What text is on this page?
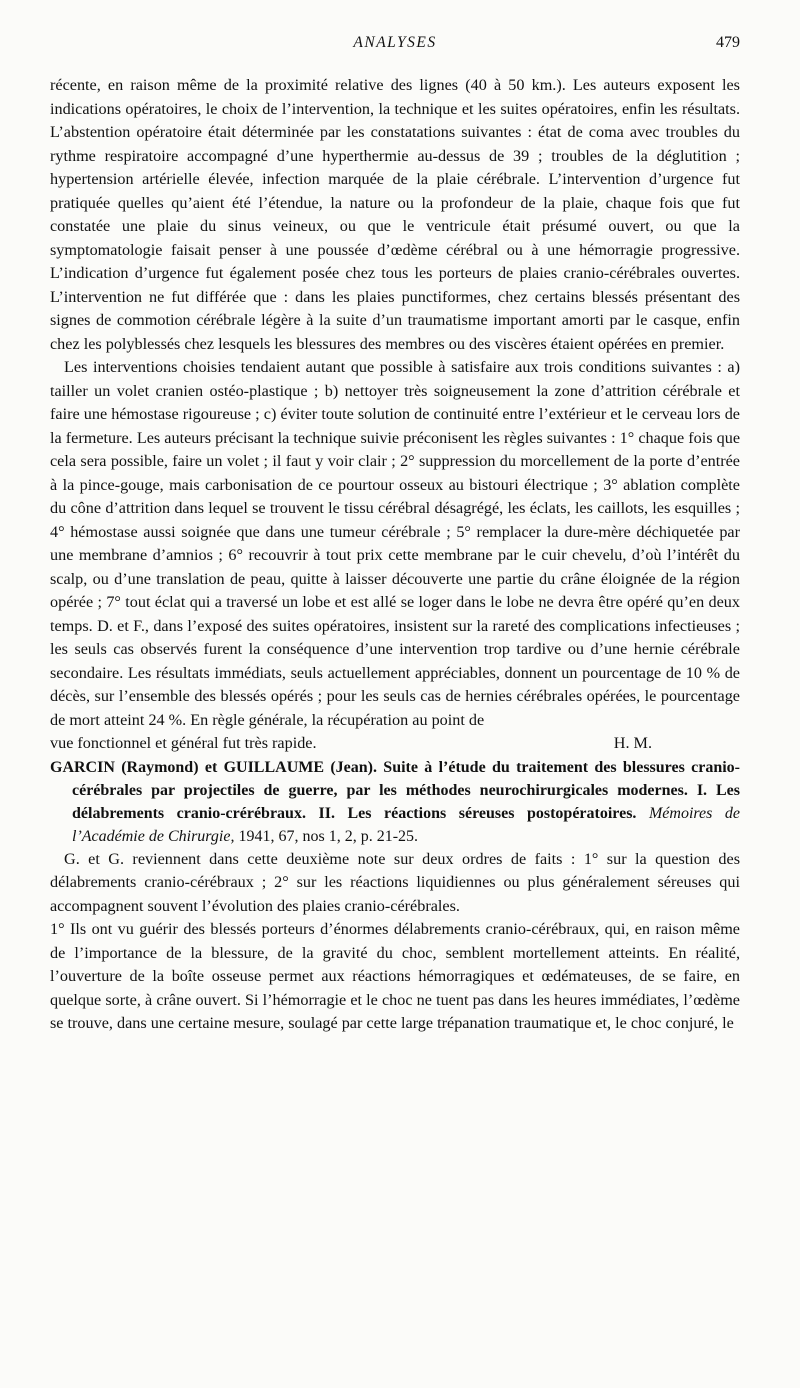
ANALYSES	479

récente, en raison même de la proximité relative des lignes (40 à 50 km.). Les auteurs exposent les indications opératoires, le choix de l’intervention, la technique et les suites opératoires, enfin les résultats. L’abstention opératoire était déterminée par les constatations suivantes : état de coma avec troubles du rythme respiratoire accompagné d’une hyperthermie au-dessus de 39 ; troubles de la déglutition ; hypertension artérielle élevée, infection marquée de la plaie cérébrale. L’intervention d’urgence fut pratiquée quelles qu’aient été l’étendue, la nature ou la profondeur de la plaie, chaque fois que fut constatée une plaie du sinus veineux, ou que le ventricule était présumé ouvert, ou que la symptomatologie faisait penser à une poussée d’œdème cérébral ou à une hémorragie progressive. L’indication d’urgence fut également posée chez tous les porteurs de plaies cranio-cérébrales ouvertes. L’intervention ne fut différée que : dans les plaies punctiformes, chez certains blessés présentant des signes de commotion cérébrale légère à la suite d’un traumatisme important amorti par le casque, enfin chez les polyblessés chez lesquels les blessures des membres ou des viscères étaient opérées en premier.

Les interventions choisies tendaient autant que possible à satisfaire aux trois conditions suivantes : a) tailler un volet cranien ostéo-plastique ; b) nettoyer très soigneusement la zone d’attrition cérébrale et faire une hémostase rigoureuse ; c) éviter toute solution de continuité entre l’extérieur et le cerveau lors de la fermeture. Les auteurs précisant la technique suivie préconisent les règles suivantes : 1° chaque fois que cela sera possible, faire un volet ; il faut y voir clair ; 2° suppression du morcellement de la porte d’entrée à la pince-gouge, mais carbonisation de ce pourtour osseux au bistouri électrique ; 3° ablation complète du cône d’attrition dans lequel se trouvent le tissu cérébral désagrégé, les éclats, les caillots, les esquilles ; 4° hémostase aussi soignée que dans une tumeur cérébrale ; 5° remplacer la dure-mère déchiquetée par une membrane d’amnios ; 6° recouvrir à tout prix cette membrane par le cuir chevelu, d’où l’intérêt du scalp, ou d’une translation de peau, quitte à laisser découverte une partie du crâne éloignée de la région opérée ; 7° tout éclat qui a traversé un lobe et est allé se loger dans le lobe ne devra être opéré qu’en deux temps. D. et F., dans l’exposé des suites opératoires, insistent sur la rareté des complications infectieuses ; les seuls cas observés furent la conséquence d’une intervention trop tardive ou d’une hernie cérébrale secondaire. Les résultats immédiats, seuls actuellement appréciables, donnent un pourcentage de 10 % de décès, sur l’ensemble des blessés opérés ; pour les seuls cas de hernies cérébrales opérées, le pourcentage de mort atteint 24 %. En règle générale, la récupération au point de

vue fonctionnel et général fut très rapide.	H. M.

GARCIN (Raymond) et GUILLAUME (Jean). Suite à l’étude du traitement des blessures cranio-cérébrales par projectiles de guerre, par les méthodes neurochirurgicales modernes. I. Les délabrements cranio-crérébraux. II. Les réactions séreuses postopératoires. Mémoires de l’Académie de Chirurgie, 1941, 67, nos 1, 2, p. 21-25.

G. et G. reviennent dans cette deuxième note sur deux ordres de faits : 1° sur la question des délabrements cranio-cérébraux ; 2° sur les réactions liquidiennes ou plus généralement séreuses qui accompagnent souvent l’évolution des plaies cranio-cérébrales.

1° Ils ont vu guérir des blessés porteurs d’énormes délabrements cranio-cérébraux, qui, en raison même de l’importance de la blessure, de la gravité du choc, semblent mortellement atteints. En réalité, l’ouverture de la boîte osseuse permet aux réactions hémorragiques et œdémateuses, de se faire, en quelque sorte, à crâne ouvert. Si l’hémorragie et le choc ne tuent pas dans les heures immédiates, l’œdème se trouve, dans une certaine mesure, soulagé par cette large trépanation traumatique et, le choc conjuré, le
